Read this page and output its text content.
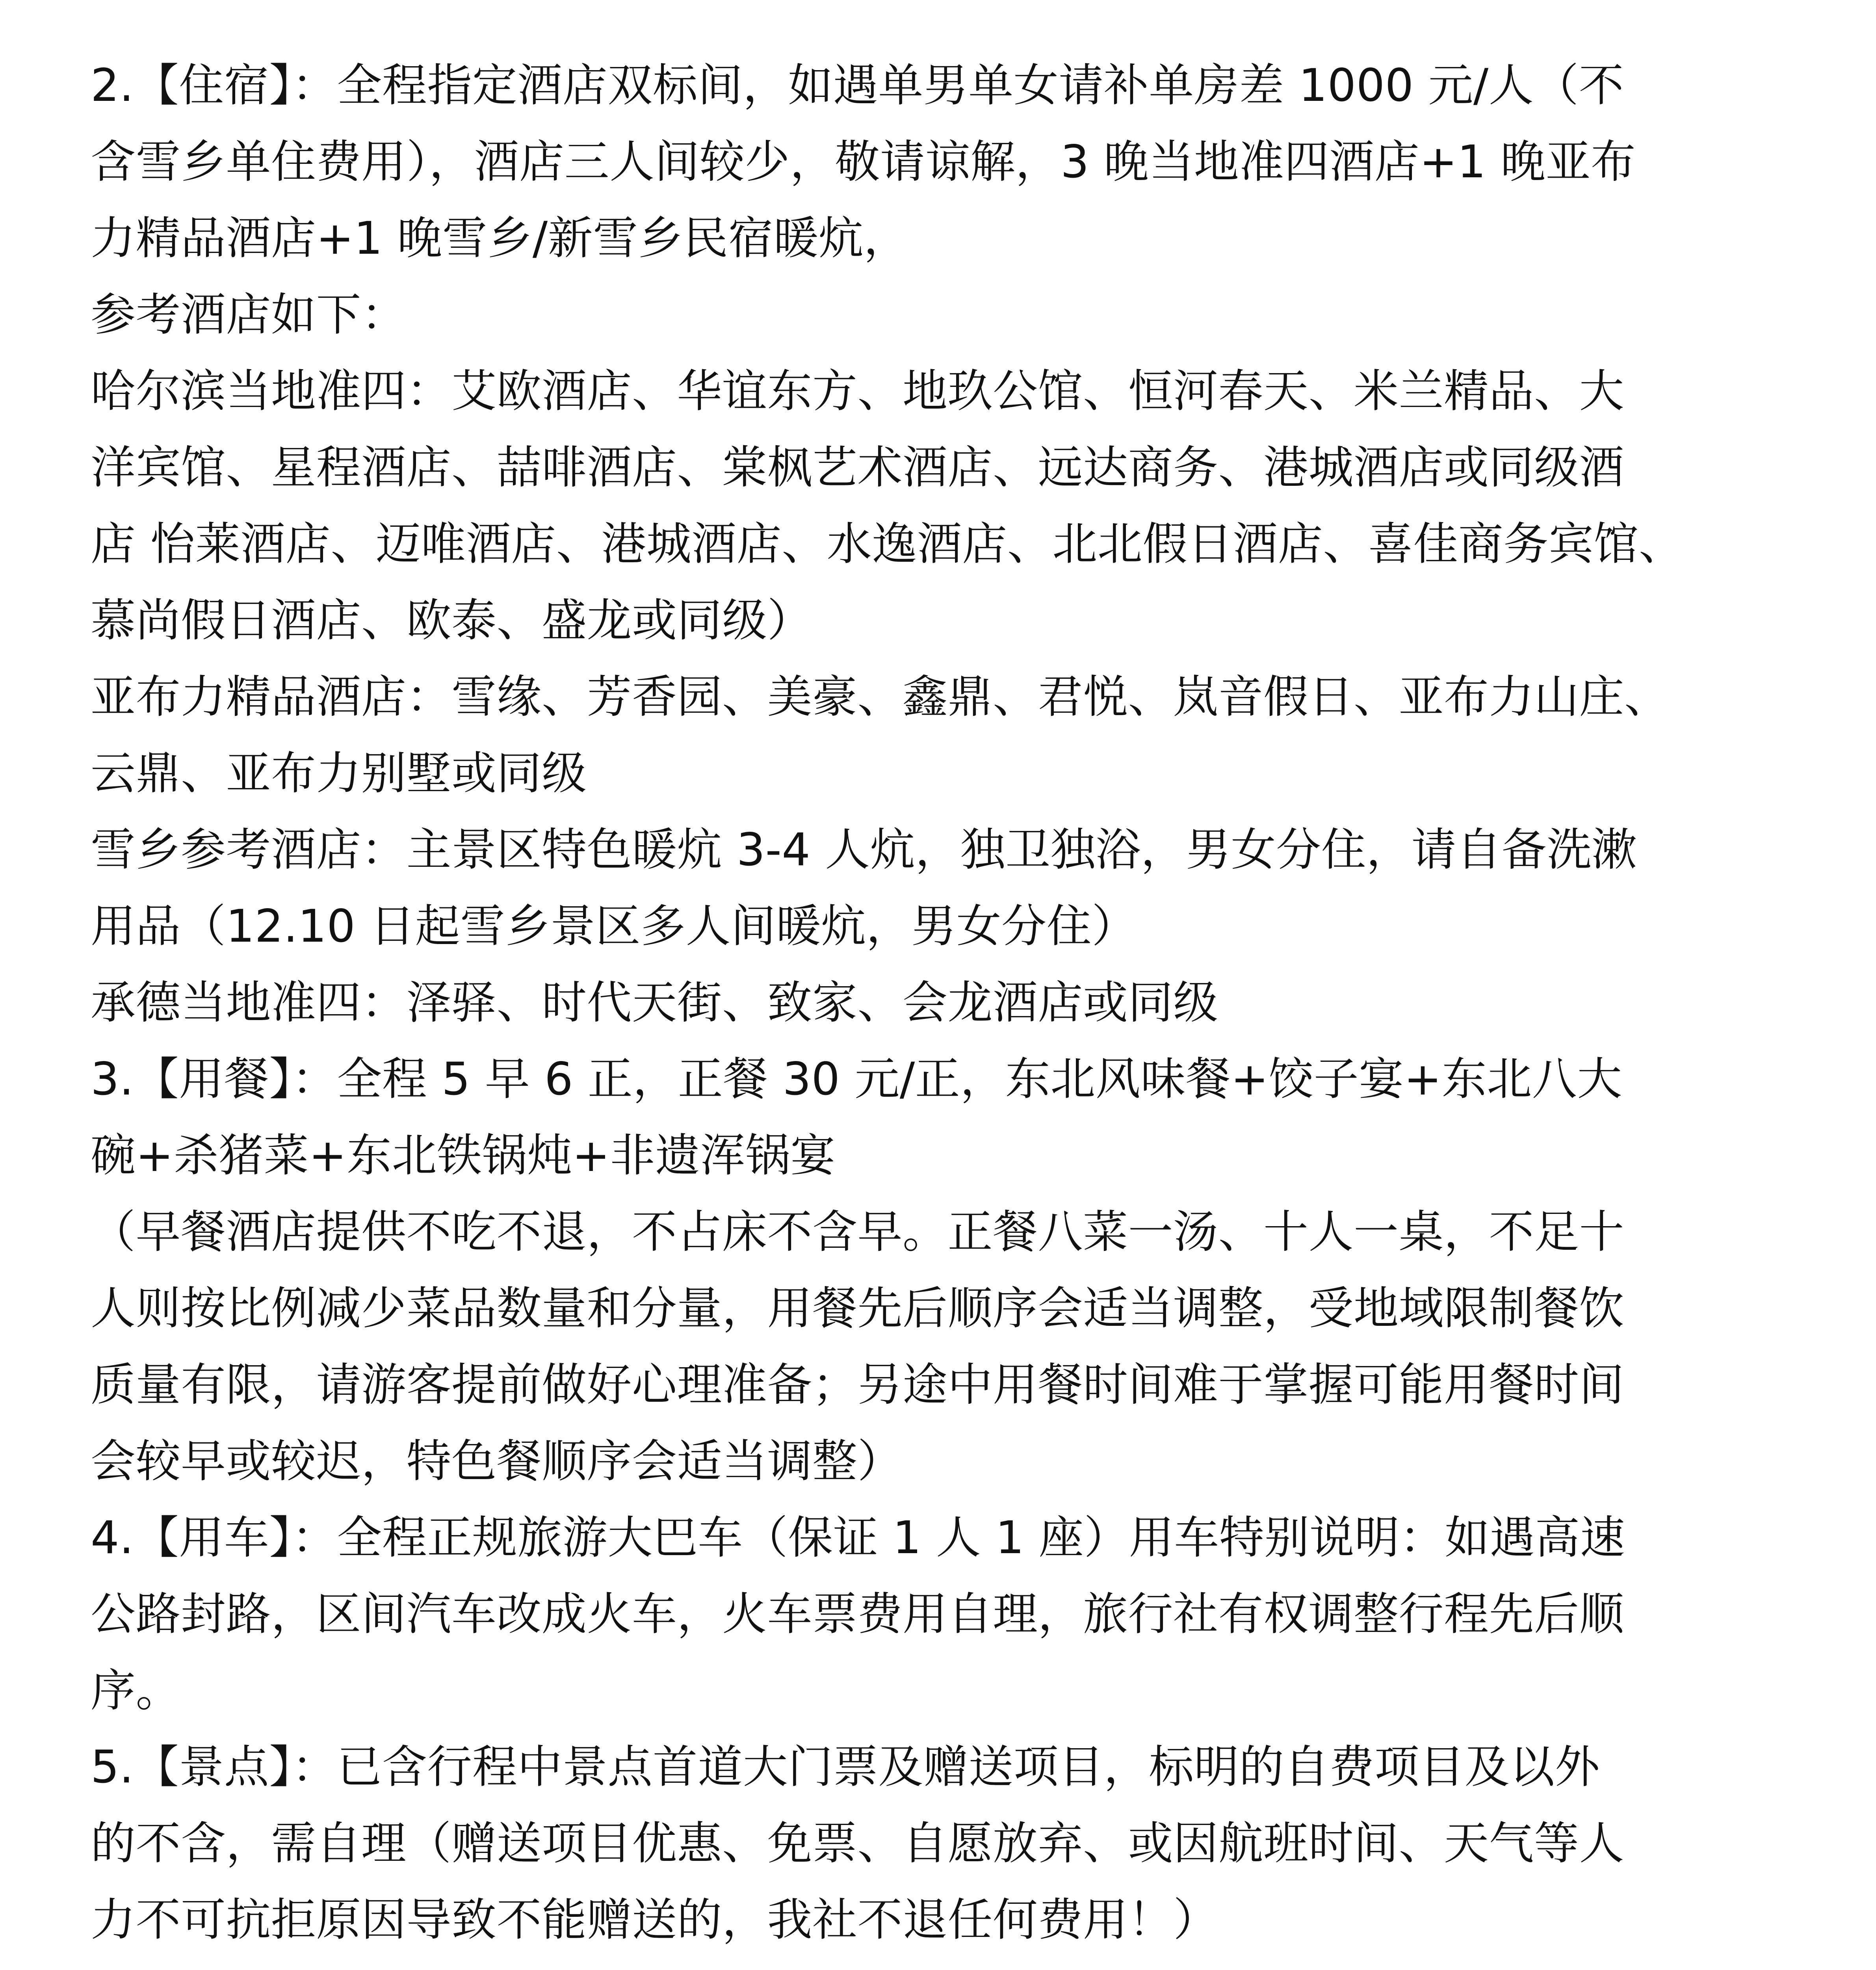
2.【住宿】：全程指定酒店双标间，如遇单男单女请补单房差 1000 元/人（不
含雪乡单住费用），酒店三人间较少，敬请谅解，3 晚当地准四酒店+1 晚亚布
力精品酒店+1 晚雪乡/新雪乡民宿暖炕，
参考酒店如下：
哈尔滨当地准四：艾欧酒店、华谊东方、地玖公馆、恒河春天、米兰精品、大
洋宾馆、星程酒店、喆啡酒店、棠枫艺术酒店、远达商务、港城酒店或同级酒
店 怡莱酒店、迈唯酒店、港城酒店、水逸酒店、北北假日酒店、喜佳商务宾馆、
慕尚假日酒店、欧泰、盛龙或同级）
亚布力精品酒店：雪缘、芳香园、美豪、鑫鼎、君悦、岚音假日、亚布力山庄、
云鼎、亚布力别墅或同级
雪乡参考酒店：主景区特色暖炕 3-4 人炕，独卫独浴，男女分住，请自备洗漱
用品（12.10 日起雪乡景区多人间暖炕，男女分住）
承德当地准四：泽驿、时代天街、致家、会龙酒店或同级
3.【用餐】：全程 5 早 6 正，正餐 30 元/正，东北风味餐+饺子宴+东北八大
碗+杀猪菜+东北铁锅炖+非遗浑锅宴
（早餐酒店提供不吃不退，不占床不含早。正餐八菜一汤、十人一桌，不足十
人则按比例减少菜品数量和分量，用餐先后顺序会适当调整，受地域限制餐饮
质量有限，请游客提前做好心理准备；另途中用餐时间难于掌握可能用餐时间
会较早或较迟，特色餐顺序会适当调整）
4.【用车】：全程正规旅游大巴车（保证 1 人 1 座）用车特别说明：如遇高速
公路封路，区间汽车改成火车，火车票费用自理，旅行社有权调整行程先后顺
序。
5.【景点】：已含行程中景点首道大门票及赠送项目，标明的自费项目及以外
的不含，需自理（赠送项目优惠、免票、自愿放弃、或因航班时间、天气等人
力不可抗拒原因导致不能赠送的，我社不退任何费用！）
